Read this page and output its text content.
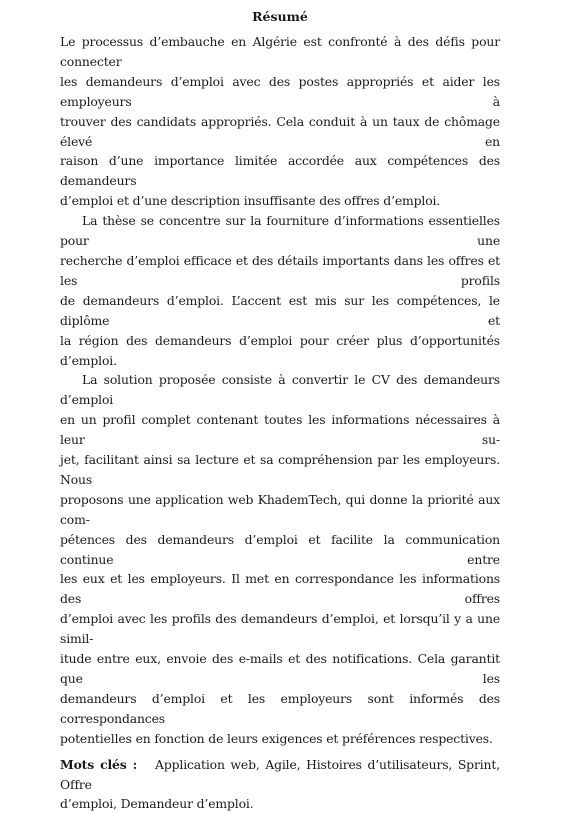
Résumé
Le processus d’embauche en Algérie est confronté à des défis pour connecter
les demandeurs d’emploi avec des postes appropriés et aider les employeurs à
trouver des candidats appropriés. Cela conduit à un taux de chômage élevé en
raison d’une importance limitée accordée aux compétences des demandeurs
d’emploi et d’une description insuffisante des offres d’emploi.
La thèse se concentre sur la fourniture d’informations essentielles pour une
recherche d’emploi efficace et des détails importants dans les offres et les profils
de demandeurs d’emploi. L’accent est mis sur les compétences, le diplôme et
la région des demandeurs d’emploi pour créer plus d’opportunités d’emploi.
La solution proposée consiste à convertir le CV des demandeurs d’emploi
en un profil complet contenant toutes les informations nécessaires à leur su-
jet, facilitant ainsi sa lecture et sa compréhension par les employeurs. Nous
proposons une application web KhademTech, qui donne la priorité aux com-
pétences des demandeurs d’emploi et facilite la communication continue entre
les eux et les employeurs. Il met en correspondance les informations des offres
d’emploi avec les profils des demandeurs d’emploi, et lorsqu’il y a une simil-
itude entre eux, envoie des e-mails et des notifications. Cela garantit que les
demandeurs d’emploi et les employeurs sont informés des correspondances
potentielles en fonction de leurs exigences et préférences respectives.
Mots clés : Application web, Agile, Histoires d’utilisateurs, Sprint, Offre
d’emploi, Demandeur d’emploi.
